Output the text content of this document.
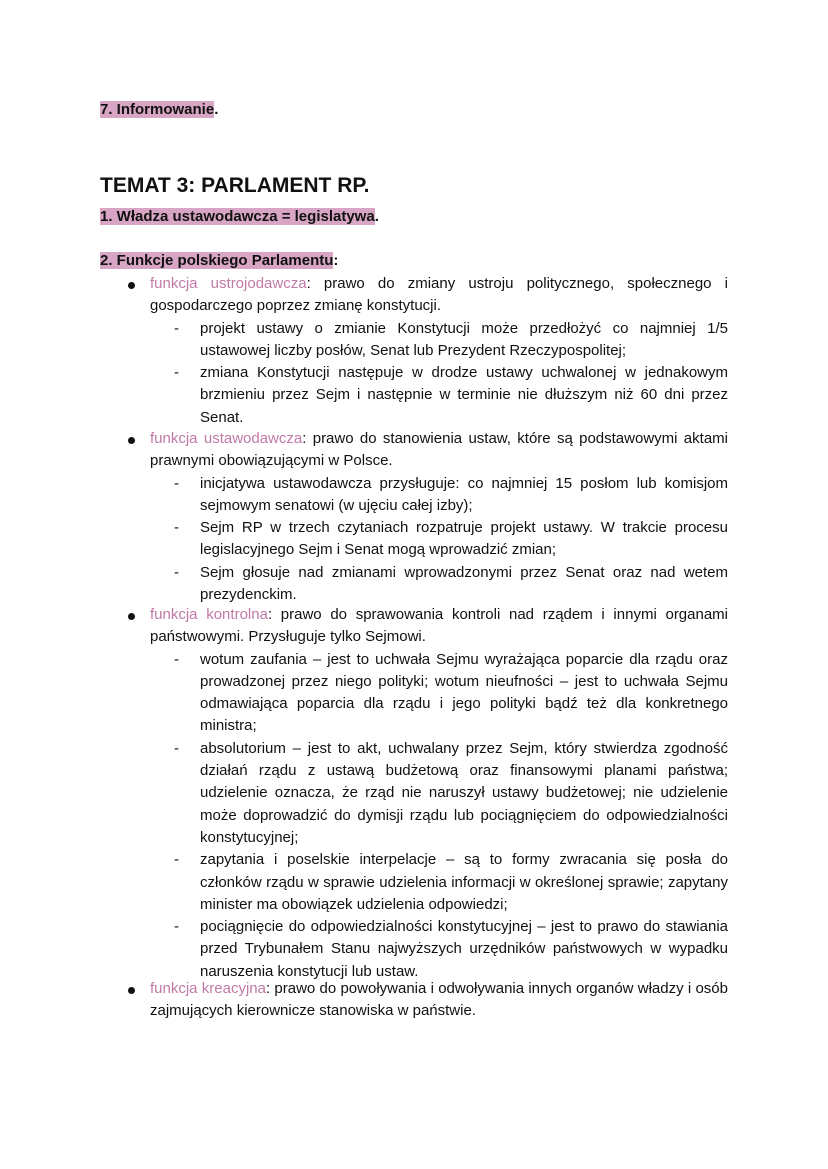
7. Informowanie.
TEMAT 3: PARLAMENT RP.
1. Władza ustawodawcza = legislatywa.
2. Funkcje polskiego Parlamentu:

funkcja ustrojodawcza: prawo do zmiany ustroju politycznego, społecznego i gospodarczego poprzez zmianę konstytucji.

- projekt ustawy o zmianie Konstytucji może przedłożyć co najmniej 1/5 ustawowej liczby posłów, Senat lub Prezydent Rzeczypospolitej;

- zmiana Konstytucji następuje w drodze ustawy uchwalonej w jednakowym brzmieniu przez Sejm i następnie w terminie nie dłuższym niż 60 dni przez Senat.

funkcja ustawodawcza: prawo do stanowienia ustaw, które są podstawowymi aktami prawnymi obowiązującymi w Polsce.

- inicjatywa ustawodawcza przysługuje: co najmniej 15 posłom lub komisjom sejmowym senatowi (w ujęciu całej izby);

- Sejm RP w trzech czytaniach rozpatruje projekt ustawy. W trakcie procesu legislacyjnego Sejm i Senat mogą wprowadzić zmian;

- Sejm głosuje nad zmianami wprowadzonymi przez Senat oraz nad wetem prezydenckim.

funkcja kontrolna: prawo do sprawowania kontroli nad rządem i innymi organami państwowymi. Przysługuje tylko Sejmowi.

- wotum zaufania – jest to uchwała Sejmu wyrażająca poparcie dla rządu oraz prowadzonej przez niego polityki; wotum nieufności – jest to uchwała Sejmu odmawiająca poparcia dla rządu i jego polityki bądź też dla konkretnego ministra;

- absolutorium – jest to akt, uchwalany przez Sejm, który stwierdza zgodność działań rządu z ustawą budżetową oraz finansowymi planami państwa; udzielenie oznacza, że rząd nie naruszył ustawy budżetowej; nie udzielenie może doprowadzić do dymisji rządu lub pociągnięciem do odpowiedzialności konstytucyjnej;

- zapytania i poselskie interpelacje – są to formy zwracania się posła do członków rządu w sprawie udzielenia informacji w określonej sprawie; zapytany minister ma obowiązek udzielenia odpowiedzi;

- pociągnięcie do odpowiedzialności konstytucyjnej – jest to prawo do stawiania przed Trybunałem Stanu najwyższych urzędników państwowych w wypadku naruszenia konstytucji lub ustaw.

funkcja kreacyjna: prawo do powoływania i odwoływania innych organów władzy i osób zajmujących kierownicze stanowiska w państwie.
